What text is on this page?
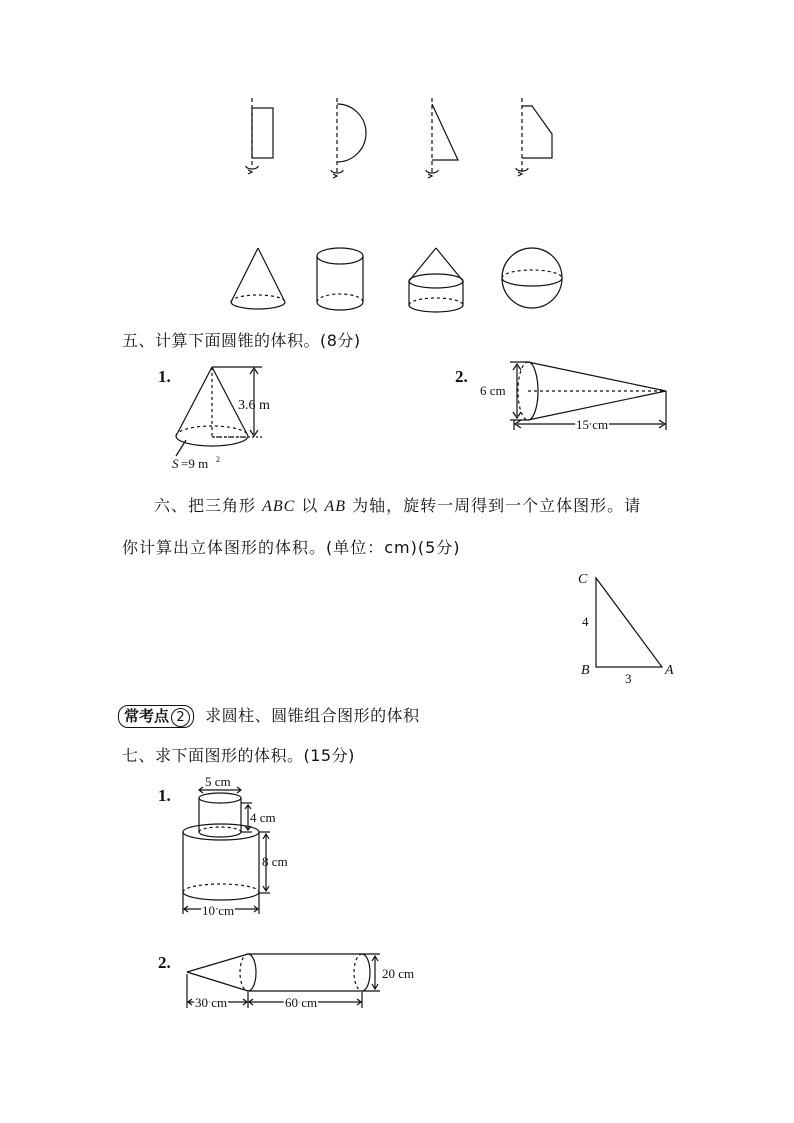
五、计算下面圆锥的体积。(8分)
1.
3.6 m
S =9 m 2
2.
6 cm
15 cm
六、把三角形 ABC 以 AB 为轴，旋转一周得到一个立体图形。请
你计算出立体图形的体积。(单位：cm)(5分)
C
B	A
4
3
常考点 2 求圆柱、圆锥组合图形的体积
七、求下面图形的体积。(15分)
1.
5 cm
4 cm
8 cm
10 cm
2.
20 cm
30 cm	60 cm
